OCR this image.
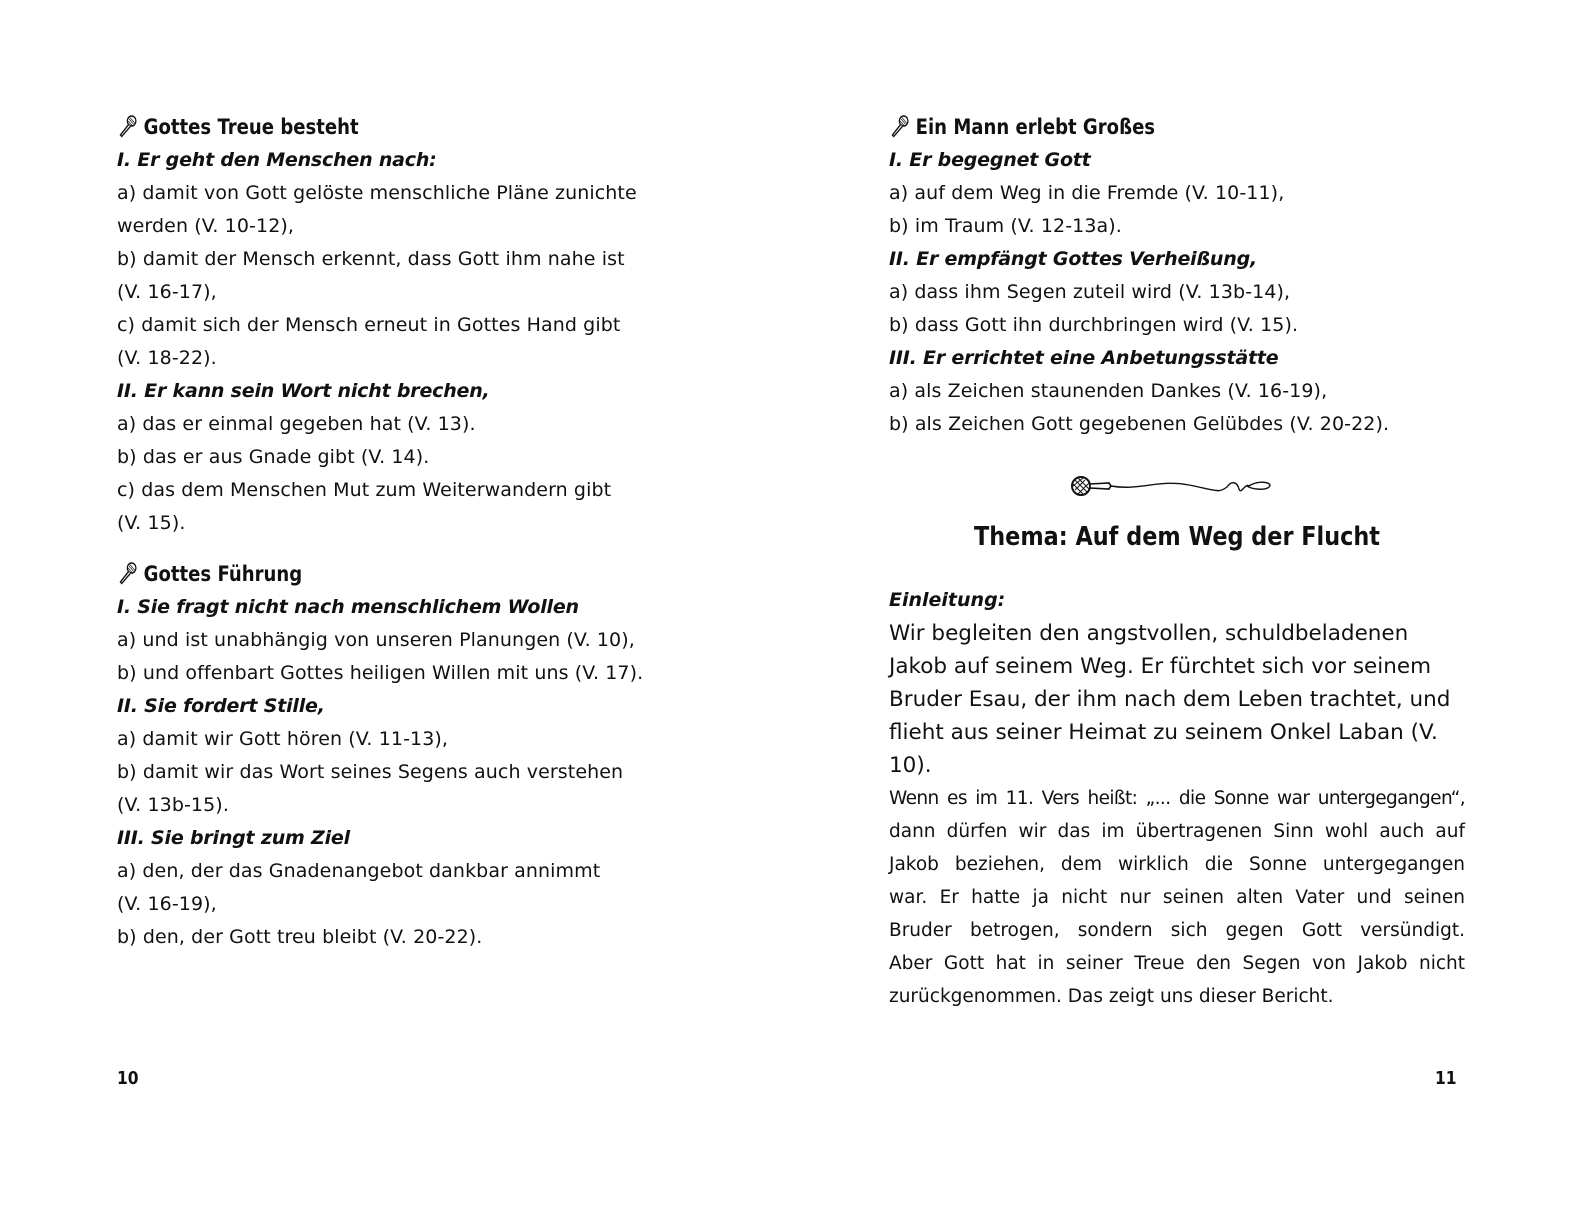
Gottes Treue besteht
I. Er geht den Menschen nach:
a) damit von Gott gelöste menschliche Pläne zunichte
werden (V. 10-12),
b) damit der Mensch erkennt, dass Gott ihm nahe ist
(V. 16-17),
c) damit sich der Mensch erneut in Gottes Hand gibt
(V. 18-22).
II. Er kann sein Wort nicht brechen,
a) das er einmal gegeben hat (V. 13).
b) das er aus Gnade gibt (V. 14).
c) das dem Menschen Mut zum Weiterwandern gibt
(V. 15).
Gottes Führung
I. Sie fragt nicht nach menschlichem Wollen
a) und ist unabhängig von unseren Planungen (V. 10),
b) und offenbart Gottes heiligen Willen mit uns (V. 17).
II. Sie fordert Stille,
a) damit wir Gott hören (V. 11-13),
b) damit wir das Wort seines Segens auch verstehen
(V. 13b-15).
III. Sie bringt zum Ziel
a) den, der das Gnadenangebot dankbar annimmt
(V. 16-19),
b) den, der Gott treu bleibt (V. 20-22).
10
Ein Mann erlebt Großes
I. Er begegnet Gott
a) auf dem Weg in die Fremde (V. 10-11),
b) im Traum (V. 12-13a).
II. Er empfängt Gottes Verheißung,
a) dass ihm Segen zuteil wird (V. 13b-14),
b) dass Gott ihn durchbringen wird (V. 15).
III. Er errichtet eine Anbetungsstätte
a) als Zeichen staunenden Dankes (V. 16-19),
b) als Zeichen Gott gegebenen Gelübdes (V. 20-22).
Thema: Auf dem Weg der Flucht
Einleitung:
Wir begleiten den angstvollen, schuldbeladenen
Jakob auf seinem Weg. Er fürchtet sich vor seinem
Bruder Esau, der ihm nach dem Leben trachtet, und
flieht aus seiner Heimat zu seinem Onkel Laban (V.
10).
Wenn es im 11. Vers heißt: „... die Sonne war untergegangen“,
dann dürfen wir das im übertragenen Sinn wohl auch auf
Jakob beziehen, dem wirklich die Sonne untergegangen
war. Er hatte ja nicht nur seinen alten Vater und seinen
Bruder betrogen, sondern sich gegen Gott versündigt.
Aber Gott hat in seiner Treue den Segen von Jakob nicht
zurückgenommen. Das zeigt uns dieser Bericht.
11
